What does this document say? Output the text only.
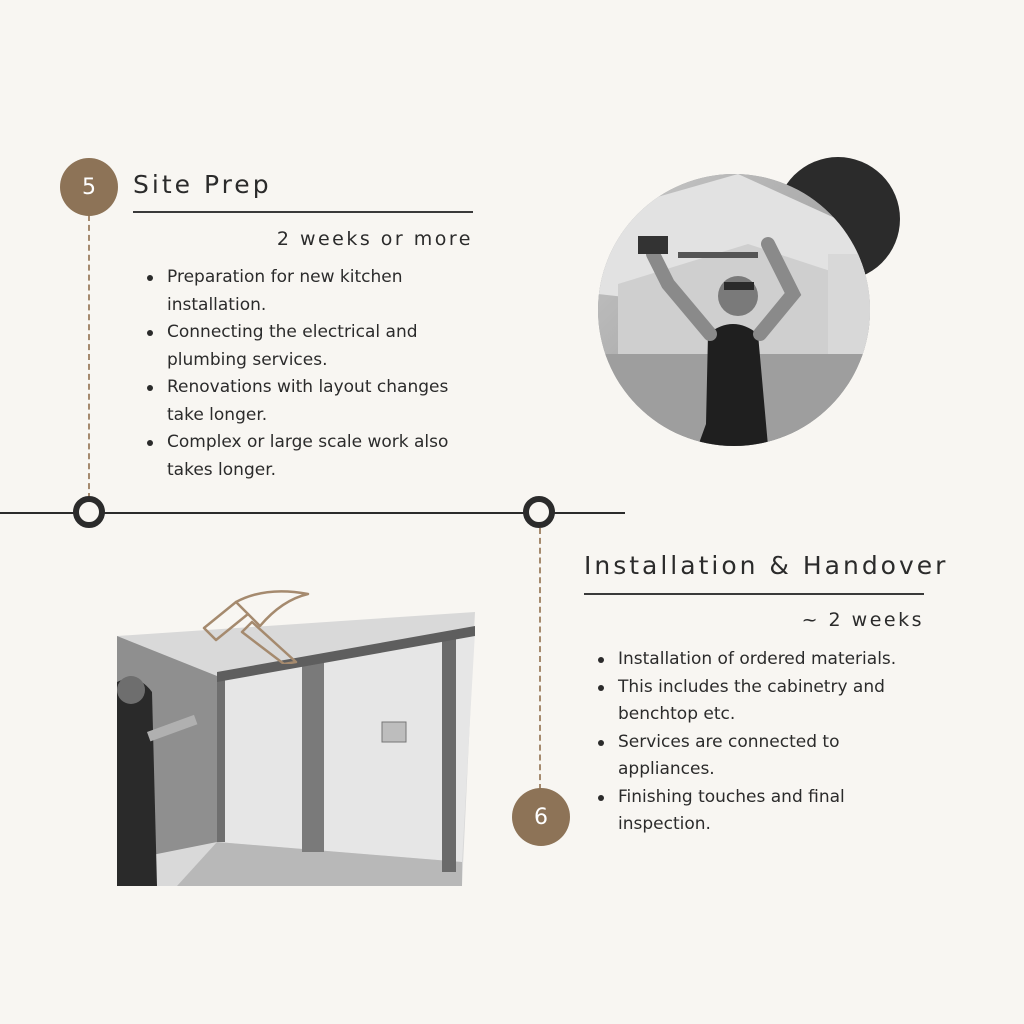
5 Site Prep
2 weeks or more
Preparation for new kitchen installation.
Connecting the electrical and plumbing services.
Renovations with layout changes take longer.
Complex or large scale work also takes longer.
6
Installation & Handover
~ 2 weeks
Installation of ordered materials.
This includes the cabinetry and benchtop etc.
Services are connected to appliances.
Finishing touches and final inspection.
